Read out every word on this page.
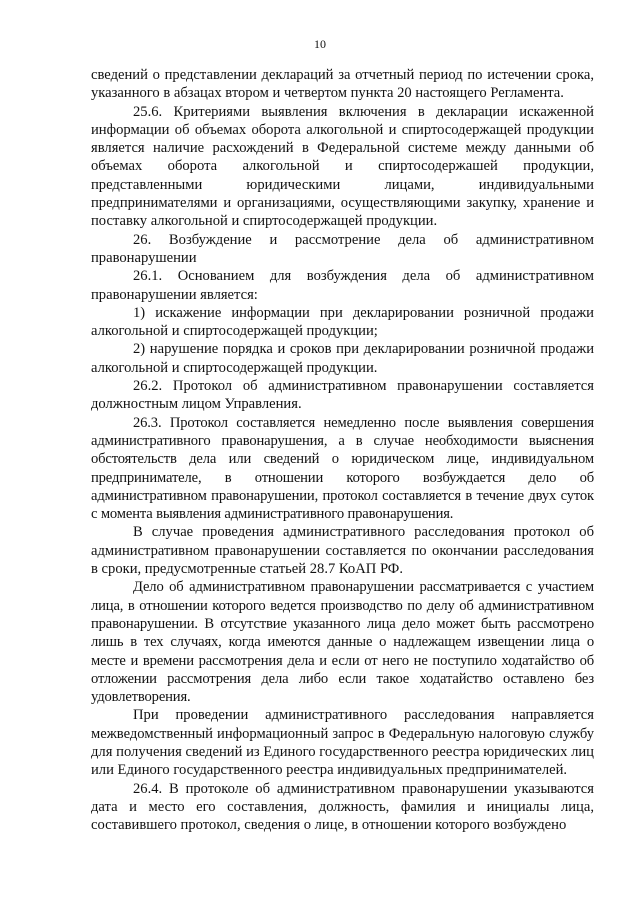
10

сведений о представлении деклараций за отчетный период по истечении срока, указанного в абзацах втором и четвертом пункта 20 настоящего Регламента.

25.6. Критериями выявления включения в декларации искаженной информации об объемах оборота алкогольной и спиртосодержащей продукции является наличие расхождений в Федеральной системе между данными об объемах оборота алкогольной и спиртосодержашей продукции, представленными юридическими лицами, индивидуальными предпринимателями и организациями, осуществляющими закупку, хранение и поставку алкогольной и спиртосодержащей продукции.

26. Возбуждение и рассмотрение дела об административном правонарушении

26.1. Основанием для возбуждения дела об административном правонарушении является:

1) искажение информации при декларировании розничной продажи алкогольной и спиртосодержащей продукции;

2) нарушение порядка и сроков при декларировании розничной продажи алкогольной и спиртосодержащей продукции.

26.2. Протокол об административном правонарушении составляется должностным лицом Управления.

26.3. Протокол составляется немедленно после выявления совершения административного правонарушения, а в случае необходимости выяснения обстоятельств дела или сведений о юридическом лице, индивидуальном предпринимателе, в отношении которого возбуждается дело об административном правонарушении, протокол составляется в течение двух суток с момента выявления административного правонарушения.

В случае проведения административного расследования протокол об административном правонарушении составляется по окончании расследования в сроки, предусмотренные статьей 28.7 КоАП РФ.

Дело об административном правонарушении рассматривается с участием лица, в отношении которого ведется производство по делу об административном правонарушении. В отсутствие указанного лица дело может быть рассмотрено лишь в тех случаях, когда имеются данные о надлежащем извещении лица о месте и времени рассмотрения дела и если от него не поступило ходатайство об отложении рассмотрения дела либо если такое ходатайство оставлено без удовлетворения.

При проведении административного расследования направляется межведомственный информационный запрос в Федеральную налоговую службу для получения сведений из Единого государственного реестра юридических лиц или Единого государственного реестра индивидуальных предпринимателей.

26.4. В протоколе об административном правонарушении указываются дата и место его составления, должность, фамилия и инициалы лица, составившего протокол, сведения о лице, в отношении которого возбуждено
